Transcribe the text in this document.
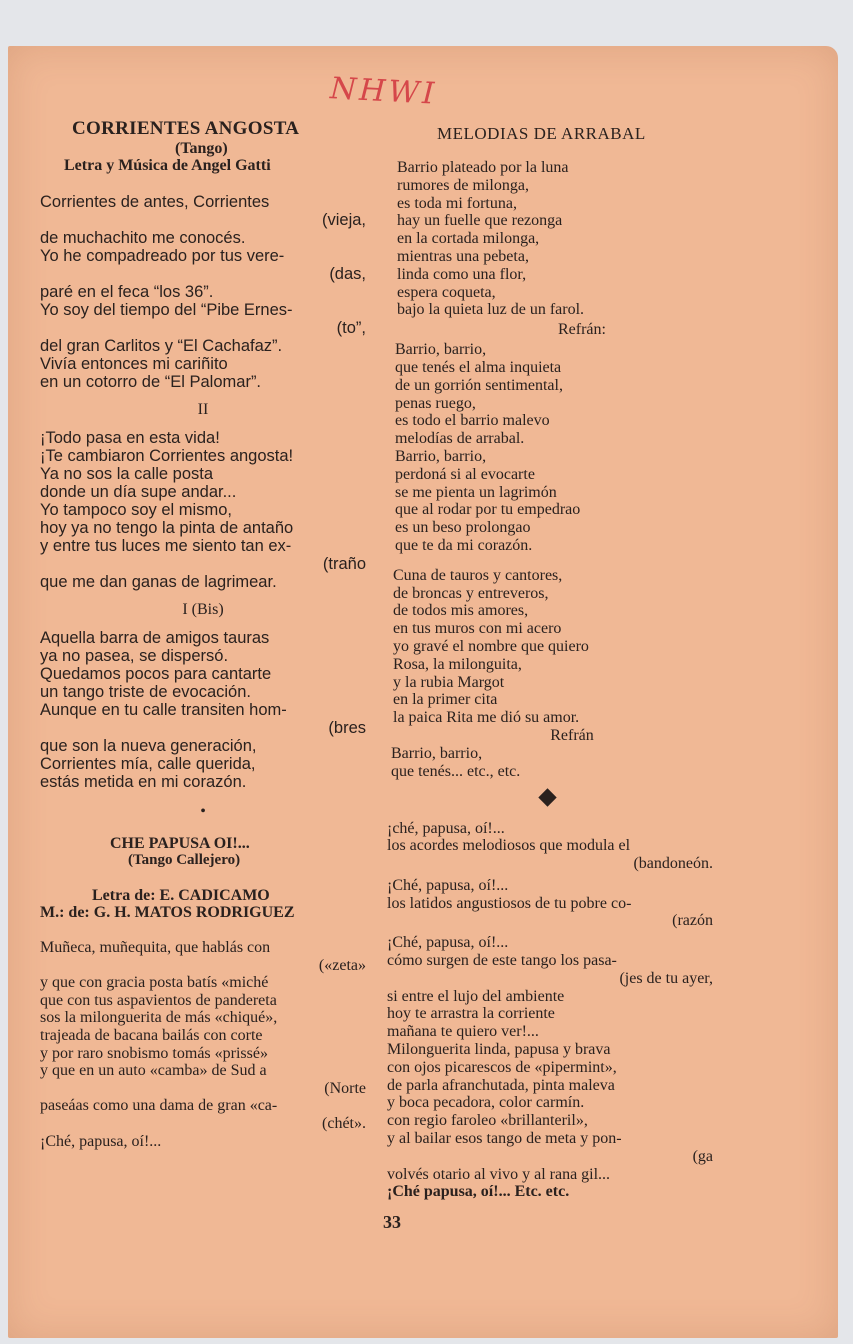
NHWI
CORRIENTES ANGOSTA
(Tango)
Letra y Música de Angel Gatti

Corrientes de antes, Corrientes

(vieja,

de muchachito me conocés.

Yo he compadreado por tus vere-

(das,

paré en el feca “los 36”.

Yo soy del tiempo del “Pibe Ernes-

(to”,

del gran Carlitos y “El Cachafaz”.

Vivía entonces mi cariñito

en un cotorro de “El Palomar”.

II

¡Todo pasa en esta vida!

¡Te cambiaron Corrientes angosta!

Ya no sos la calle posta

donde un día supe andar...

Yo tampoco soy el mismo,

hoy ya no tengo la pinta de antaño

y entre tus luces me siento tan ex-

(traño

que me dan ganas de lagrimear.

I (Bis)

Aquella barra de amigos tauras

ya no pasea, se dispersó.

Quedamos pocos para cantarte

un tango triste de evocación.

Aunque en tu calle transiten hom-

(bres

que son la nueva generación,

Corrientes mía, calle querida,

estás metida en mi corazón.

•
CHE PAPUSA OI!...
(Tango Callejero)
Letra de: E. CADICAMO
M.: de: G. H. MATOS RODRIGUEZ

Muñeca, muñequita, que hablás con

(«zeta»

y que con gracia posta batís «miché

que con tus aspavientos de pandereta

sos la milonguerita de más «chiqué»,

trajeada de bacana bailás con corte

y por raro snobismo tomás «prissé»

y que en un auto «camba» de Sud a

(Norte

paseáas como una dama de gran «ca-

(chét».

¡Ché, papusa, oí!...

MELODIAS DE ARRABAL

Barrio plateado por la luna

rumores de milonga,

es toda mi fortuna,

hay un fuelle que rezonga

en la cortada milonga,

mientras una pebeta,

linda como una flor,

espera coqueta,

bajo la quieta luz de un farol.

Refrán:

Barrio, barrio,

que tenés el alma inquieta

de un gorrión sentimental,

penas ruego,

es todo el barrio malevo

melodías de arrabal.

Barrio, barrio,

perdoná si al evocarte

se me pienta un lagrimón

que al rodar por tu empedrao

es un beso prolongao

que te da mi corazón.

Cuna de tauros y cantores,

de broncas y entreveros,

de todos mis amores,

en tus muros con mi acero

yo gravé el nombre que quiero

Rosa, la milonguita,

y la rubia Margot

en la primer cita

la paica Rita me dió su amor.

Refrán

Barrio, barrio,

que tenés... etc., etc.

¡ché, papusa, oí!...

los acordes melodiosos que modula el

(bandoneón.

¡Ché, papusa, oí!...

los latidos angustiosos de tu pobre co-

(razón

¡Ché, papusa, oí!...

cómo surgen de este tango los pasa-

(jes de tu ayer,

si entre el lujo del ambiente

hoy te arrastra la corriente

mañana te quiero ver!...

Milonguerita linda, papusa y brava

con ojos picarescos de «pipermint»,

de parla afranchutada, pinta maleva

y boca pecadora, color carmín.

con regio faroleo «brillanteril»,

y al bailar esos tango de meta y pon-

(ga

volvés otario al vivo y al rana gil...

¡Ché papusa, oí!... Etc. etc.

33
